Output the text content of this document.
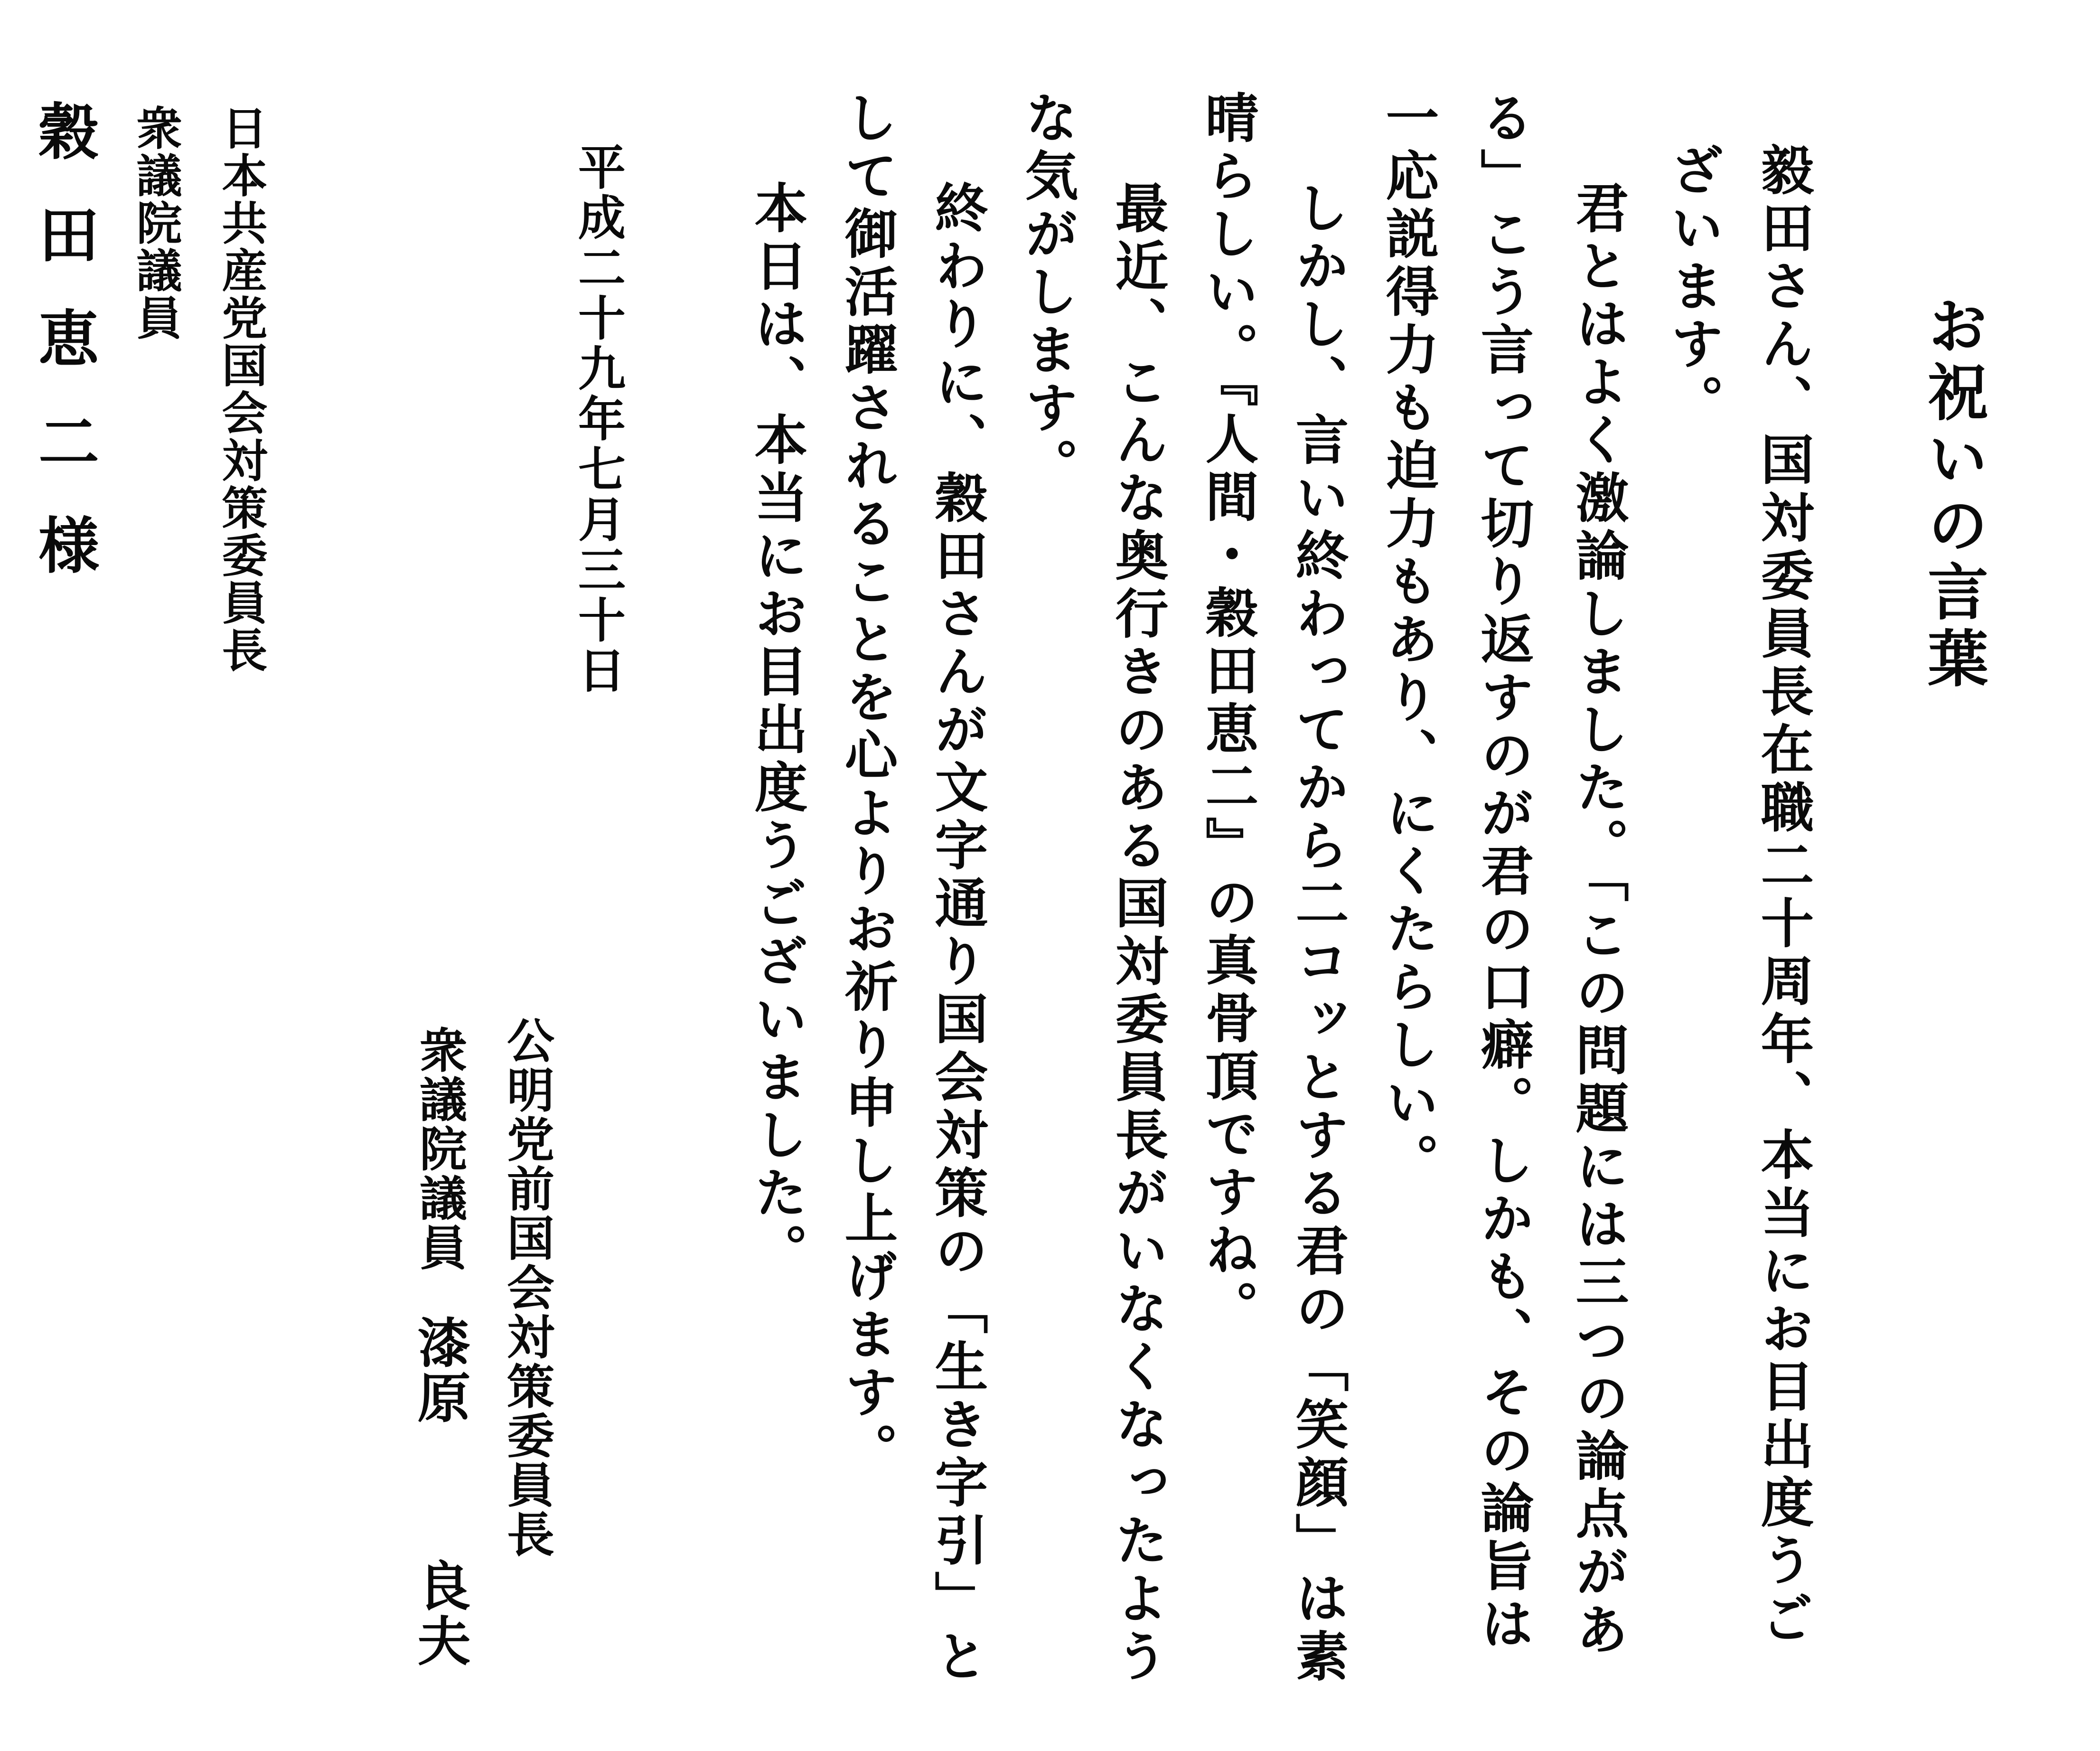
お祝いの言葉
毅田さん、国対委員長在職二十周年、本当にお目出度うご
ざいます。
君とはよく激論しました。「この問題には三つの論点があ
る」こう言って切り返すのが君の口癖。しかも、その論旨は
一応説得力も迫力もあり、にくたらしい。
しかし、言い終わってから二コッとする君の「笑顔」は素
晴らしい。『人間・穀田恵二』の真骨頂ですね。
最近、こんな奥行きのある国対委員長がいなくなったよう
な気がします。
終わりに、穀田さんが文字通り国会対策の「生き字引」と
して御活躍されることを心よりお祈り申し上げます。
本日は、本当にお目出度うございました。
公明党前国会対策委員長
衆議院議員漆原良夫
平成二十九年七月三十日
日本共産党国会対策委員長
衆議院議員
穀田恵二様
